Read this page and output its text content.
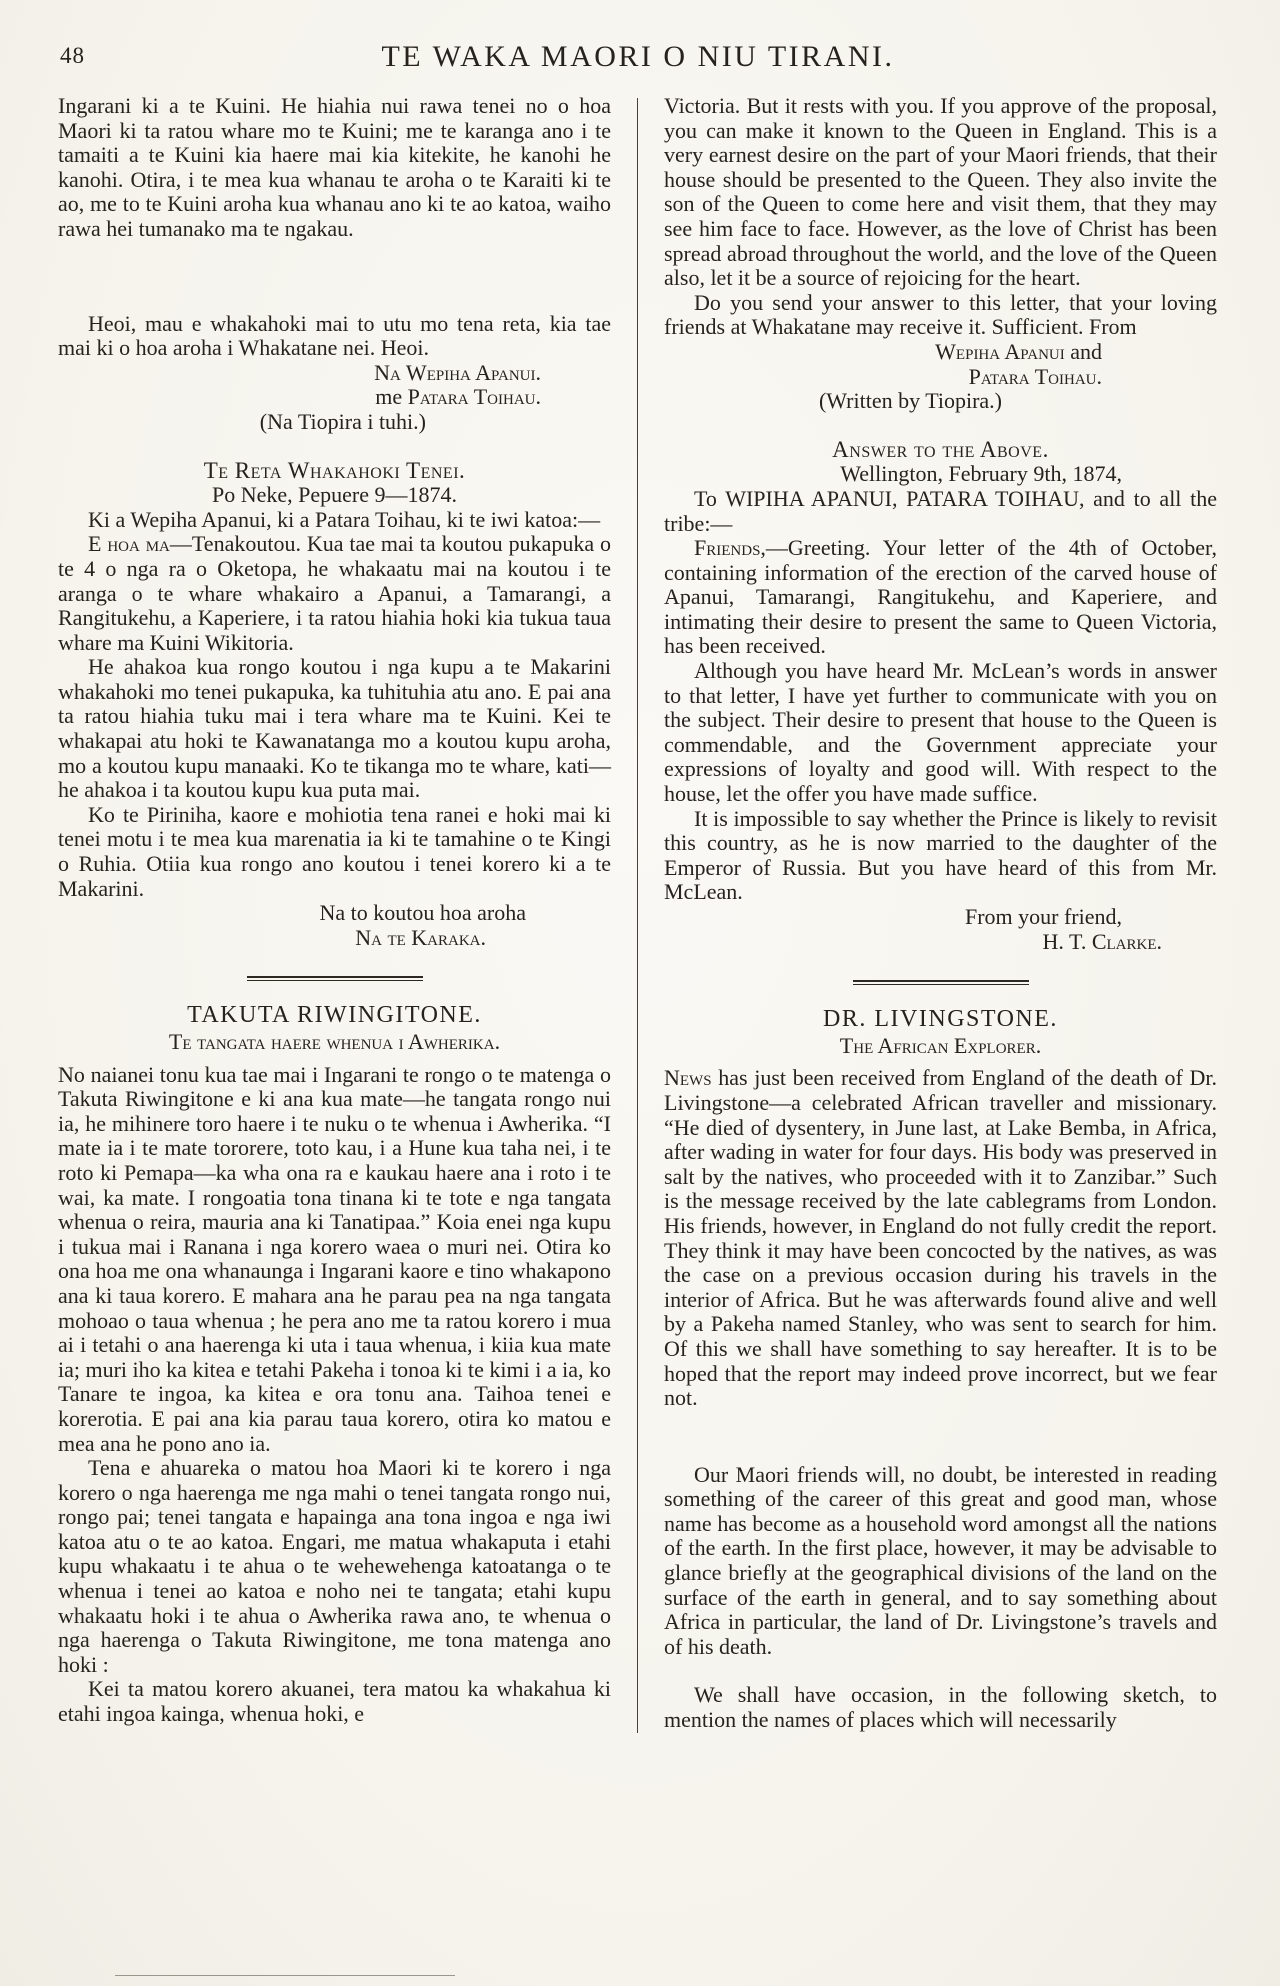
48	TE WAKA MAORI O NIU TIRANI.

Ingarani ki a te Kuini. He hiahia nui rawa tenei no o hoa Maori ki ta ratou whare mo te Kuini; me te karanga ano i te tamaiti a te Kuini kia haere mai kia kitekite, he kanohi he kanohi. Otira, i te mea kua whanau te aroha o te Karaiti ki te ao, me to te Kuini aroha kua whanau ano ki te ao katoa, waiho rawa hei tumanako ma te ngakau.

Heoi, mau e whakahoki mai to utu mo tena reta, kia tae mai ki o hoa aroha i Whakatane nei. Heoi.

Na Wepiha Apanui.
me Patara Toihau.
(Na Tiopira i tuhi.)
Te Reta Whakahoki Tenei.
Po Neke, Pepuere 9—1874.

Ki a Wepiha Apanui, ki a Patara Toihau, ki te iwi katoa:—

E hoa ma—Tenakoutou. Kua tae mai ta koutou pukapuka o te 4 o nga ra o Oketopa, he whakaatu mai na koutou i te aranga o te whare whakairo a Apanui, a Tamarangi, a Rangitukehu, a Kaperiere, i ta ratou hiahia hoki kia tukua taua whare ma Kuini Wikitoria.

He ahakoa kua rongo koutou i nga kupu a te Makarini whakahoki mo tenei pukapuka, ka tuhituhia atu ano. E pai ana ta ratou hiahia tuku mai i tera whare ma te Kuini. Kei te whakapai atu hoki te Kawanatanga mo a koutou kupu aroha, mo a koutou kupu manaaki. Ko te tikanga mo te whare, kati—he ahakoa i ta koutou kupu kua puta mai.

Ko te Piriniha, kaore e mohiotia tena ranei e hoki mai ki tenei motu i te mea kua marenatia ia ki te tamahine o te Kingi o Ruhia. Otiia kua rongo ano koutou i tenei korero ki a te Makarini.

Na to koutou hoa aroha
Na te Karaka.
TAKUTA RIWINGITONE.
Te tangata haere whenua i Awherika.

No naianei tonu kua tae mai i Ingarani te rongo o te matenga o Takuta Riwingitone e ki ana kua mate—he tangata rongo nui ia, he mihinere toro haere i te nuku o te whenua i Awherika. “I mate ia i te mate tororere, toto kau, i a Hune kua taha nei, i te roto ki Pemapa—ka wha ona ra e kaukau haere ana i roto i te wai, ka mate. I rongoatia tona tinana ki te tote e nga tangata whenua o reira, mauria ana ki Tanatipaa.” Koia enei nga kupu i tukua mai i Ranana i nga korero waea o muri nei. Otira ko ona hoa me ona whanaunga i Ingarani kaore e tino whakapono ana ki taua korero. E mahara ana he parau pea na nga tangata mohoao o taua whenua ; he pera ano me ta ratou korero i mua ai i tetahi o ana haerenga ki uta i taua whenua, i kiia kua mate ia; muri iho ka kitea e tetahi Pakeha i tonoa ki te kimi i a ia, ko Tanare te ingoa, ka kitea e ora tonu ana. Taihoa tenei e korerotia. E pai ana kia parau taua korero, otira ko matou e mea ana he pono ano ia.

Tena e ahuareka o matou hoa Maori ki te korero i nga korero o nga haerenga me nga mahi o tenei tangata rongo nui, rongo pai; tenei tangata e hapainga ana tona ingoa e nga iwi katoa atu o te ao katoa. Engari, me matua whakaputa i etahi kupu whakaatu i te ahua o te wehewehenga katoatanga o te whenua i tenei ao katoa e noho nei te tangata; etahi kupu whakaatu hoki i te ahua o Awherika rawa ano, te whenua o nga haerenga o Takuta Riwingitone, me tona matenga ano hoki :

Kei ta matou korero akuanei, tera matou ka whakahua ki etahi ingoa kainga, whenua hoki, e

Victoria. But it rests with you. If you approve of the proposal, you can make it known to the Queen in England. This is a very earnest desire on the part of your Maori friends, that their house should be presented to the Queen. They also invite the son of the Queen to come here and visit them, that they may see him face to face. However, as the love of Christ has been spread abroad throughout the world, and the love of the Queen also, let it be a source of rejoicing for the heart.

Do you send your answer to this letter, that your loving friends at Whakatane may receive it. Sufficient. From

Wepiha Apanui and
Patara Toihau.
(Written by Tiopira.)
Answer to the Above.
Wellington, February 9th, 1874,

To WIPIHA APANUI, PATARA TOIHAU, and to all the tribe:—

Friends,—Greeting. Your letter of the 4th of October, containing information of the erection of the carved house of Apanui, Tamarangi, Rangitukehu, and Kaperiere, and intimating their desire to present the same to Queen Victoria, has been received.

Although you have heard Mr. McLean’s words in answer to that letter, I have yet further to communicate with you on the subject. Their desire to present that house to the Queen is commendable, and the Government appreciate your expressions of loyalty and good will. With respect to the house, let the offer you have made suffice.

It is impossible to say whether the Prince is likely to revisit this country, as he is now married to the daughter of the Emperor of Russia. But you have heard of this from Mr. McLean.

From your friend,
H. T. Clarke.
DR. LIVINGSTONE.
The African Explorer.

News has just been received from England of the death of Dr. Livingstone—a celebrated African traveller and missionary. “He died of dysentery, in June last, at Lake Bemba, in Africa, after wading in water for four days. His body was preserved in salt by the natives, who proceeded with it to Zanzibar.” Such is the message received by the late cablegrams from London. His friends, however, in England do not fully credit the report. They think it may have been concocted by the natives, as was the case on a previous occasion during his travels in the interior of Africa. But he was afterwards found alive and well by a Pakeha named Stanley, who was sent to search for him. Of this we shall have something to say hereafter. It is to be hoped that the report may indeed prove incorrect, but we fear not.

Our Maori friends will, no doubt, be interested in reading something of the career of this great and good man, whose name has become as a household word amongst all the nations of the earth. In the first place, however, it may be advisable to glance briefly at the geographical divisions of the land on the surface of the earth in general, and to say something about Africa in particular, the land of Dr. Livingstone’s travels and of his death.

We shall have occasion, in the following sketch, to mention the names of places which will necessarily
